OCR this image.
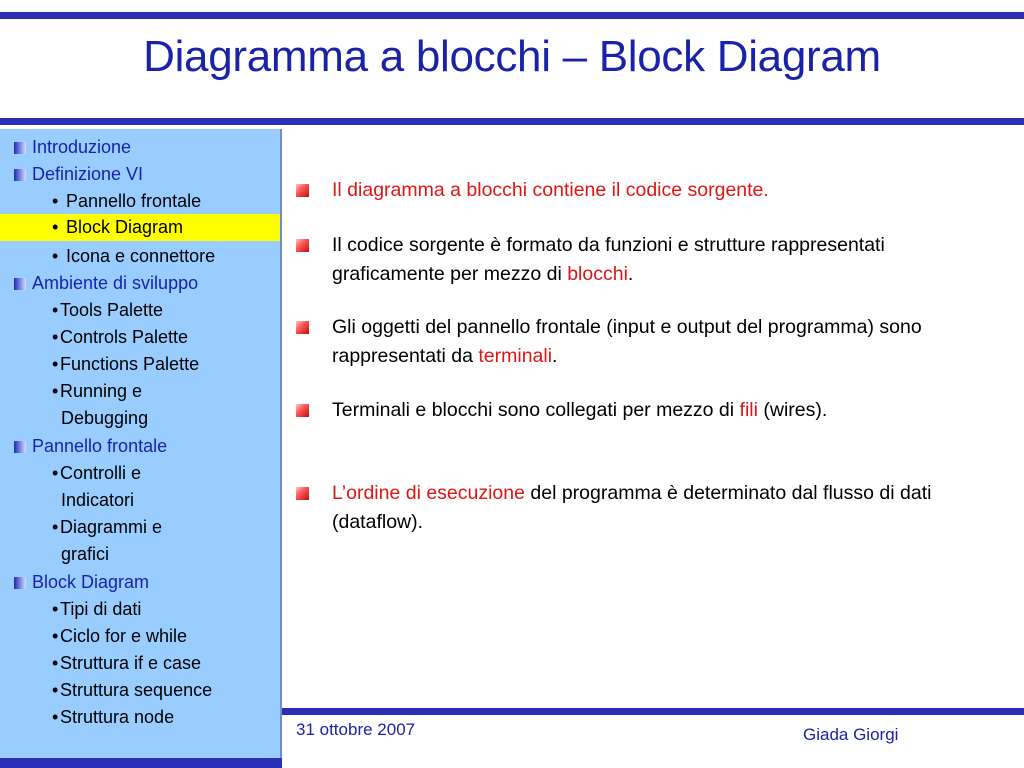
Diagramma a blocchi – Block Diagram
Introduzione
Definizione VI
• Pannello frontale
• Block Diagram
• Icona e connettore
Ambiente di sviluppo
• Tools Palette
• Controls Palette
• Functions Palette
• Running e
Debugging
Pannello frontale
• Controlli e
Indicatori
• Diagrammi e
grafici
Block Diagram
• Tipi di dati
• Ciclo for e while
• Struttura if e case
• Struttura sequence
• Struttura node
Il diagramma a blocchi contiene il codice sorgente.
Il codice sorgente è formato da funzioni e strutture rappresentati graficamente per mezzo di blocchi.
Gli oggetti del pannello frontale (input e output del programma) sono rappresentati da terminali.
Terminali e blocchi sono collegati per mezzo di fili (wires).
L’ordine di esecuzione del programma è determinato dal flusso di dati (dataflow).
31 ottobre 2007	Giada Giorgi
